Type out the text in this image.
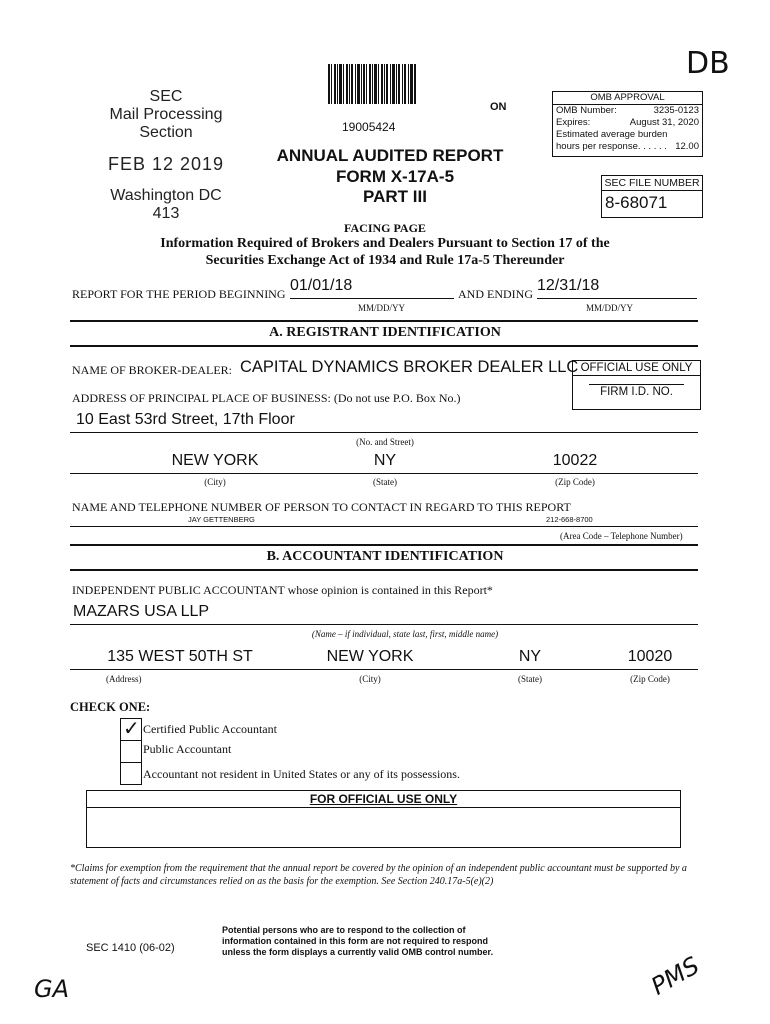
DB
SEC
Mail Processing
Section
FEB 12 2019
Washington DC
413
19005424
ON
ANNUAL AUDITED REPORT
FORM X-17A-5
PART III
OMB APPROVAL
OMB Number:	3235-0123
Expires:	August 31, 2020
Estimated average burden
hours per response. . . . . . 12.00
SEC FILE NUMBER
8-68071
FACING PAGE
Information Required of Brokers and Dealers Pursuant to Section 17 of the
Securities Exchange Act of 1934 and Rule 17a-5 Thereunder
REPORT FOR THE PERIOD BEGINNING 01/01/18
MM/DD/YY
AND ENDING 12/31/18
MM/DD/YY
A. REGISTRANT IDENTIFICATION
NAME OF BROKER-DEALER: CAPITAL DYNAMICS BROKER DEALER LLC OFFICIAL USE ONLY
FIRM I.D. NO.
ADDRESS OF PRINCIPAL PLACE OF BUSINESS: (Do not use P.O. Box No.)
10 East 53rd Street, 17th Floor
(No. and Street)
NEW YORK	NY	10022
(City)	(State)	(Zip Code)
NAME AND TELEPHONE NUMBER OF PERSON TO CONTACT IN REGARD TO THIS REPORT
JAY GETTENBERG	212-668-8700
(Area Code – Telephone Number)
B. ACCOUNTANT IDENTIFICATION
INDEPENDENT PUBLIC ACCOUNTANT whose opinion is contained in this Report*
MAZARS USA LLP
(Name – if individual, state last, first, middle name)
135 WEST 50TH ST	NEW YORK	NY	10020
(Address)	(City)	(State)	(Zip Code)
CHECK ONE:
✓ Certified Public Accountant
Public Accountant
Accountant not resident in United States or any of its possessions.
FOR OFFICIAL USE ONLY
*Claims for exemption from the requirement that the annual report be covered by the opinion of an independent public accountant must be supported by a statement of facts and circumstances relied on as the basis for the exemption. See Section 240.17a-5(e)(2)
SEC 1410 (06-02)
Potential persons who are to respond to the collection of
information contained in this form are not required to respond
unless the form displays a currently valid OMB control number.
GA	PMS
